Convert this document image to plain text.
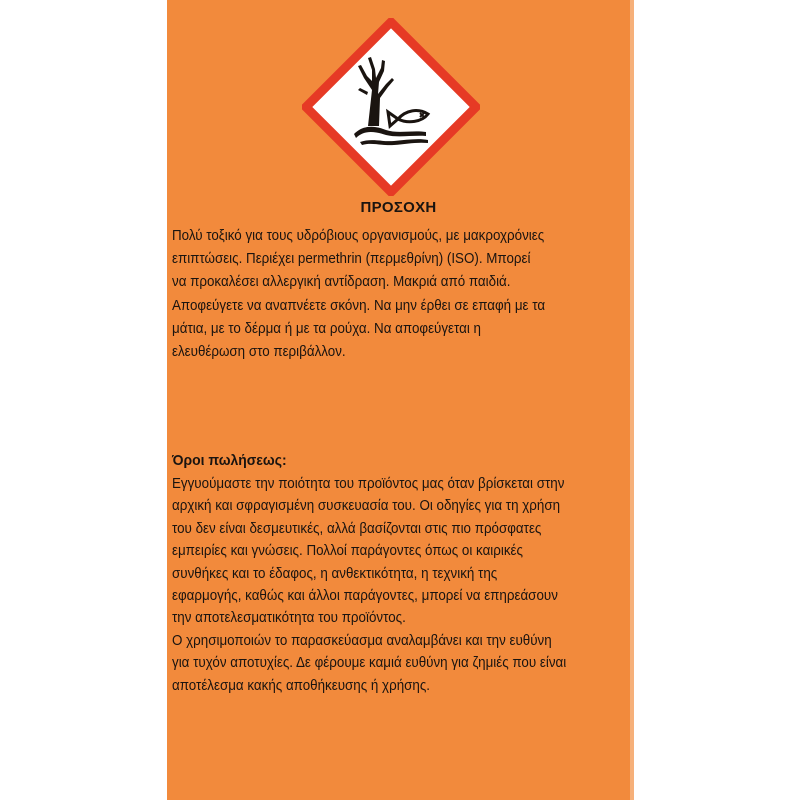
ΠΡΟΣΟΧΗ
Πολύ τοξικό για τους υδρόβιους οργανισμούς, με μακροχρόνιες
επιπτώσεις. Περιέχει permethrin (περμεθρίνη) (ISO). Μπορεί
να προκαλέσει αλλεργική αντίδραση. Μακριά από παιδιά.
Αποφεύγετε να αναπνέετε σκόνη. Να μην έρθει σε επαφή με τα
μάτια, με το δέρμα ή με τα ρούχα. Να αποφεύγεται η
ελευθέρωση στο περιβάλλον.
Όροι πωλήσεως:
Εγγυούμαστε την ποιότητα του προϊόντος μας όταν βρίσκεται στην
αρχική και σφραγισμένη συσκευασία του. Οι οδηγίες για τη χρήση
του δεν είναι δεσμευτικές, αλλά βασίζονται στις πιο πρόσφατες
εμπειρίες και γνώσεις. Πολλοί παράγοντες όπως οι καιρικές
συνθήκες και το έδαφος, η ανθεκτικότητα, η τεχνική της
εφαρμογής, καθώς και άλλοι παράγοντες, μπορεί να επηρεάσουν
την αποτελεσματικότητα του προϊόντος.
Ο χρησιμοποιών το παρασκεύασμα αναλαμβάνει και την ευθύνη
για τυχόν αποτυχίες. Δε φέρουμε καμιά ευθύνη για ζημιές που είναι
αποτέλεσμα κακής αποθήκευσης ή χρήσης.
